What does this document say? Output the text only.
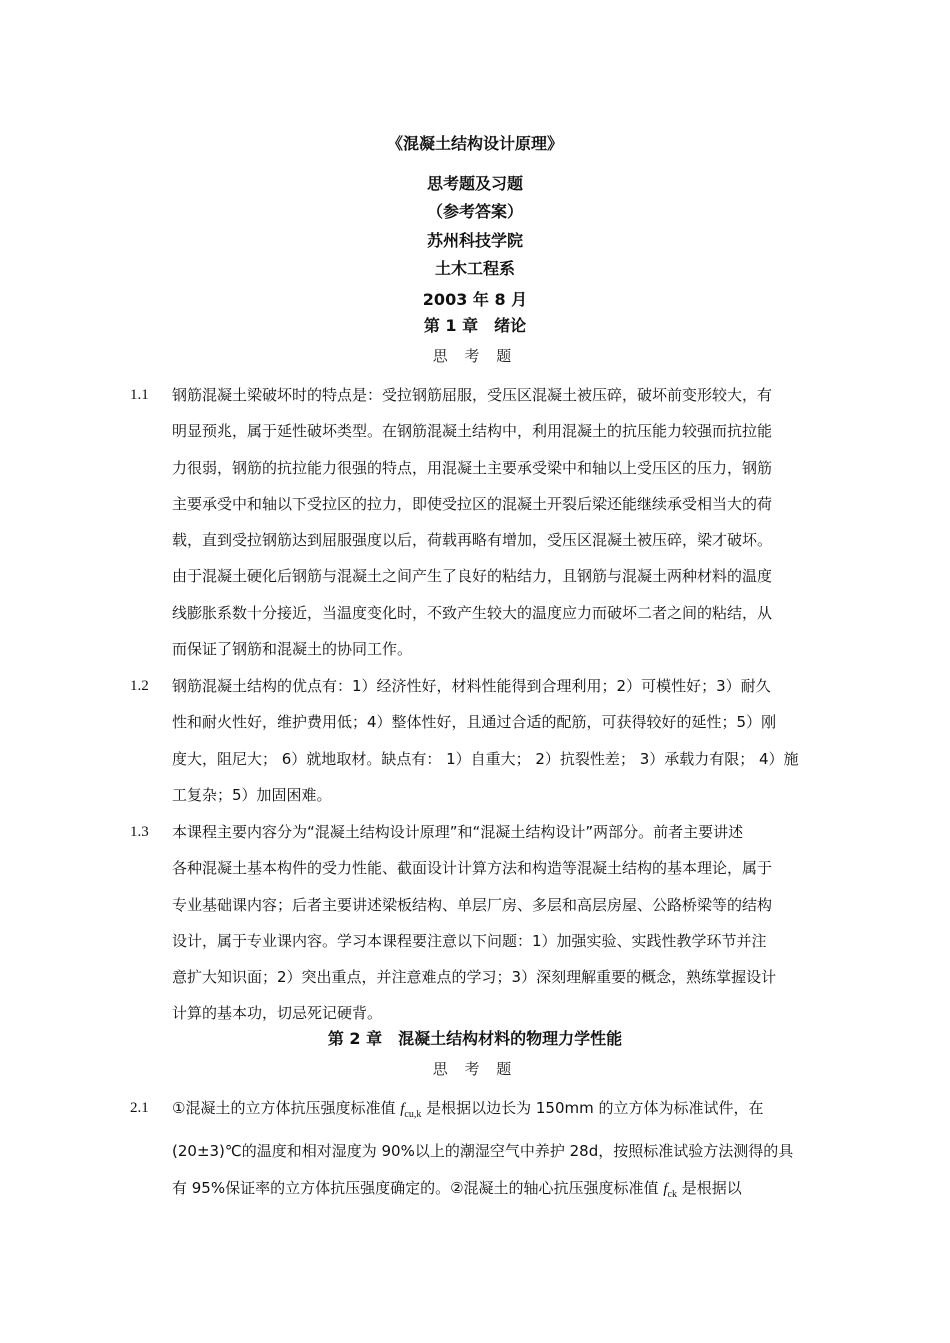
《混凝土结构设计原理》
思考题及习题
（参考答案）
苏州科技学院
土木工程系
2003 年 8 月
第 1 章　绪论
思 考 题
1.1 钢筋混凝土梁破坏时的特点是：受拉钢筋屈服，受压区混凝土被压碎，破坏前变形较大，有
明显预兆，属于延性破坏类型。在钢筋混凝土结构中，利用混凝土的抗压能力较强而抗拉能
力很弱，钢筋的抗拉能力很强的特点，用混凝土主要承受梁中和轴以上受压区的压力，钢筋
主要承受中和轴以下受拉区的拉力，即使受拉区的混凝土开裂后梁还能继续承受相当大的荷
载，直到受拉钢筋达到屈服强度以后，荷载再略有增加，受压区混凝土被压碎，梁才破坏。
由于混凝土硬化后钢筋与混凝土之间产生了良好的粘结力，且钢筋与混凝土两种材料的温度
线膨胀系数十分接近，当温度变化时，不致产生较大的温度应力而破坏二者之间的粘结，从
而保证了钢筋和混凝土的协同工作。
1.2 钢筋混凝土结构的优点有：1）经济性好，材料性能得到合理利用；2）可模性好；3）耐久
性和耐火性好，维护费用低；4）整体性好，且通过合适的配筋，可获得较好的延性；5）刚
度大，阻尼大； 6）就地取材。缺点有： 1）自重大； 2）抗裂性差； 3）承载力有限； 4）施
工复杂；5）加固困难。
1.3 本课程主要内容分为“混凝土结构设计原理”和“混凝土结构设计”两部分。前者主要讲述
各种混凝土基本构件的受力性能、截面设计计算方法和构造等混凝土结构的基本理论，属于
专业基础课内容；后者主要讲述梁板结构、单层厂房、多层和高层房屋、公路桥梁等的结构
设计，属于专业课内容。学习本课程要注意以下问题：1）加强实验、实践性教学环节并注
意扩大知识面；2）突出重点，并注意难点的学习；3）深刻理解重要的概念，熟练掌握设计
计算的基本功，切忌死记硬背。
第 2 章　混凝土结构材料的物理力学性能
思 考 题
2.1 ①混凝土的立方体抗压强度标准值 $f_{cu,k}$ 是根据以边长为 150mm 的立方体为标准试件，在
(20±3)℃的温度和相对湿度为 90%以上的潮湿空气中养护 28d，按照标准试验方法测得的具
有 95%保证率的立方体抗压强度确定的。②混凝土的轴心抗压强度标准值 $f_{ck}$ 是根据以
